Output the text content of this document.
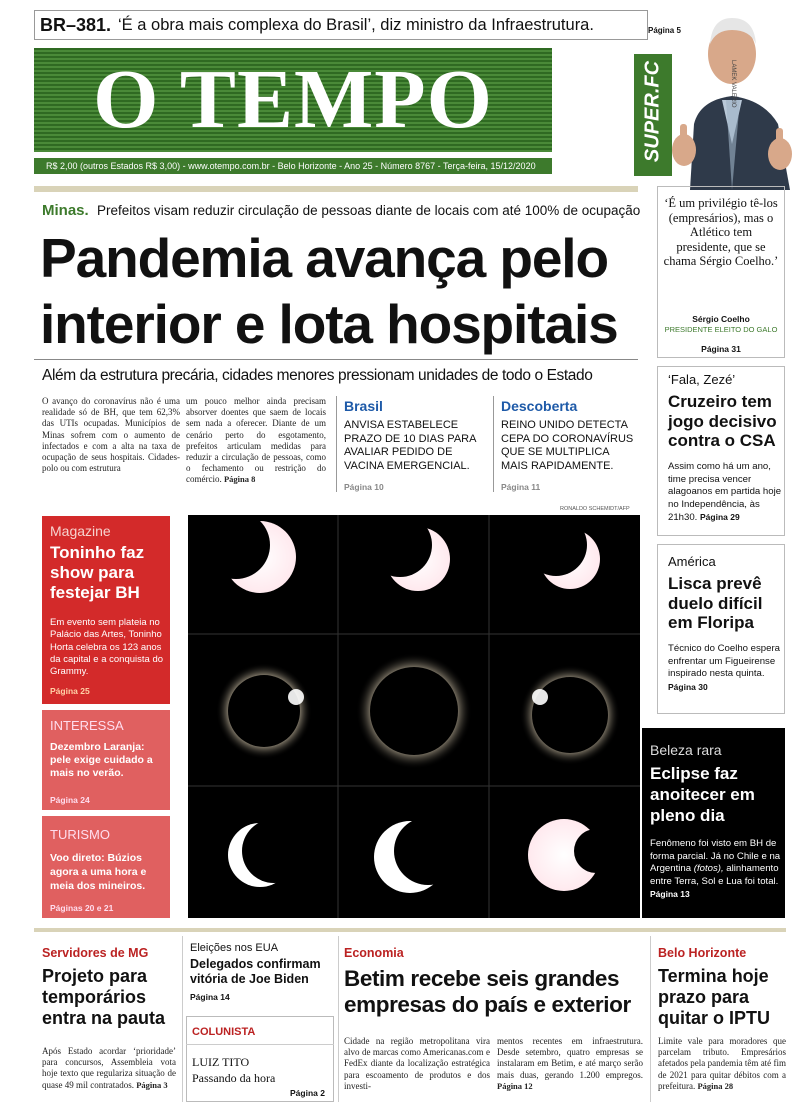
BR–381. ‘É a obra mais complexa do Brasil’, diz ministro da Infraestrutura.	Página 5
O TEMPO
R$ 2,00 (outros Estados R$ 3,00) - www.otempo.com.br - Belo Horizonte - Ano 25 - Número 8767 - Terça-feira, 15/12/2020
SUPER.FC	LAMEK VALERIO
Minas. Prefeitos visam reduzir circulação de pessoas diante de locais com até 100% de ocupação
Pandemia avança pelo
interior e lota hospitais
Além da estrutura precária, cidades menores pressionam unidades de todo o Estado
O avanço do coronavírus não é uma realidade só de BH, que tem 62,3% das UTIs ocupadas. Municípios de Minas sofrem com o aumento de infectados e com a alta na taxa de ocupação de seus hospitais. Cidades-polo ou com estrutura
um pouco melhor ainda precisam absorver doentes que saem de locais sem nada a oferecer. Diante de um cenário perto do esgotamento, prefeitos articulam medidas para reduzir a circulação de pessoas, como o fechamento ou restrição do comércio. Página 8
Brasil
ANVISA ESTABELECE PRAZO DE 10 DIAS PARA AVALIAR PEDIDO DE VACINA EMERGENCIAL.
Página 10
Descoberta
REINO UNIDO DETECTA CEPA DO CORONAVÍRUS QUE SE MULTIPLICA MAIS RAPIDAMENTE.
Página 11
‘É um privilégio tê-los (empresários), mas o Atlético tem presidente, que se chama Sérgio Coelho.’
Sérgio Coelho
PRESIDENTE ELEITO DO GALO
Página 31
‘Fala, Zezé’
Cruzeiro tem jogo decisivo contra o CSA
Assim como há um ano, time precisa vencer alagoanos em partida hoje no Independência, às 21h30. Página 29
América
Lisca prevê duelo difícil em Floripa
Técnico do Coelho espera enfrentar um Figueirense inspirado nesta quinta. Página 30
Magazine
Toninho faz show para festejar BH
Em evento sem plateia no Palácio das Artes, Toninho Horta celebra os 123 anos da capital e a conquista do Grammy.
Página 25
INTERESSA
Dezembro Laranja: pele exige cuidado a mais no verão.
Página 24
TURISMO
Voo direto: Búzios agora a uma hora e meia dos mineiros.
Páginas 20 e 21
RONALDO SCHEMIDT/AFP
Beleza rara
Eclipse faz anoitecer em pleno dia
Fenômeno foi visto em BH de forma parcial. Já no Chile e na Argentina (fotos), alinhamento entre Terra, Sol e Lua foi total. Página 13
Servidores de MG
Projeto para temporários entra na pauta
Após Estado acordar ‘prioridade’ para concursos, Assembleia vota hoje texto que regulariza situação de quase 49 mil contratados. Página 3
Eleições nos EUA
Delegados confirmam vitória de Joe Biden
Página 14
COLUNISTA
LUIZ TITO
Passando da hora
Página 2
Economia
Betim recebe seis grandes empresas do país e exterior
Cidade na região metropolitana vira alvo de marcas como Americanas.com e FedEx diante da localização estratégica para escoamento de produtos e dos investi-
mentos recentes em infraestrutura. Desde setembro, quatro empresas se instalaram em Betim, e até março serão mais duas, gerando 1.200 empregos. Página 12
Belo Horizonte
Termina hoje prazo para quitar o IPTU
Limite vale para moradores que parcelam tributo. Empresários afetados pela pandemia têm até fim de 2021 para quitar débitos com a prefeitura. Página 28
